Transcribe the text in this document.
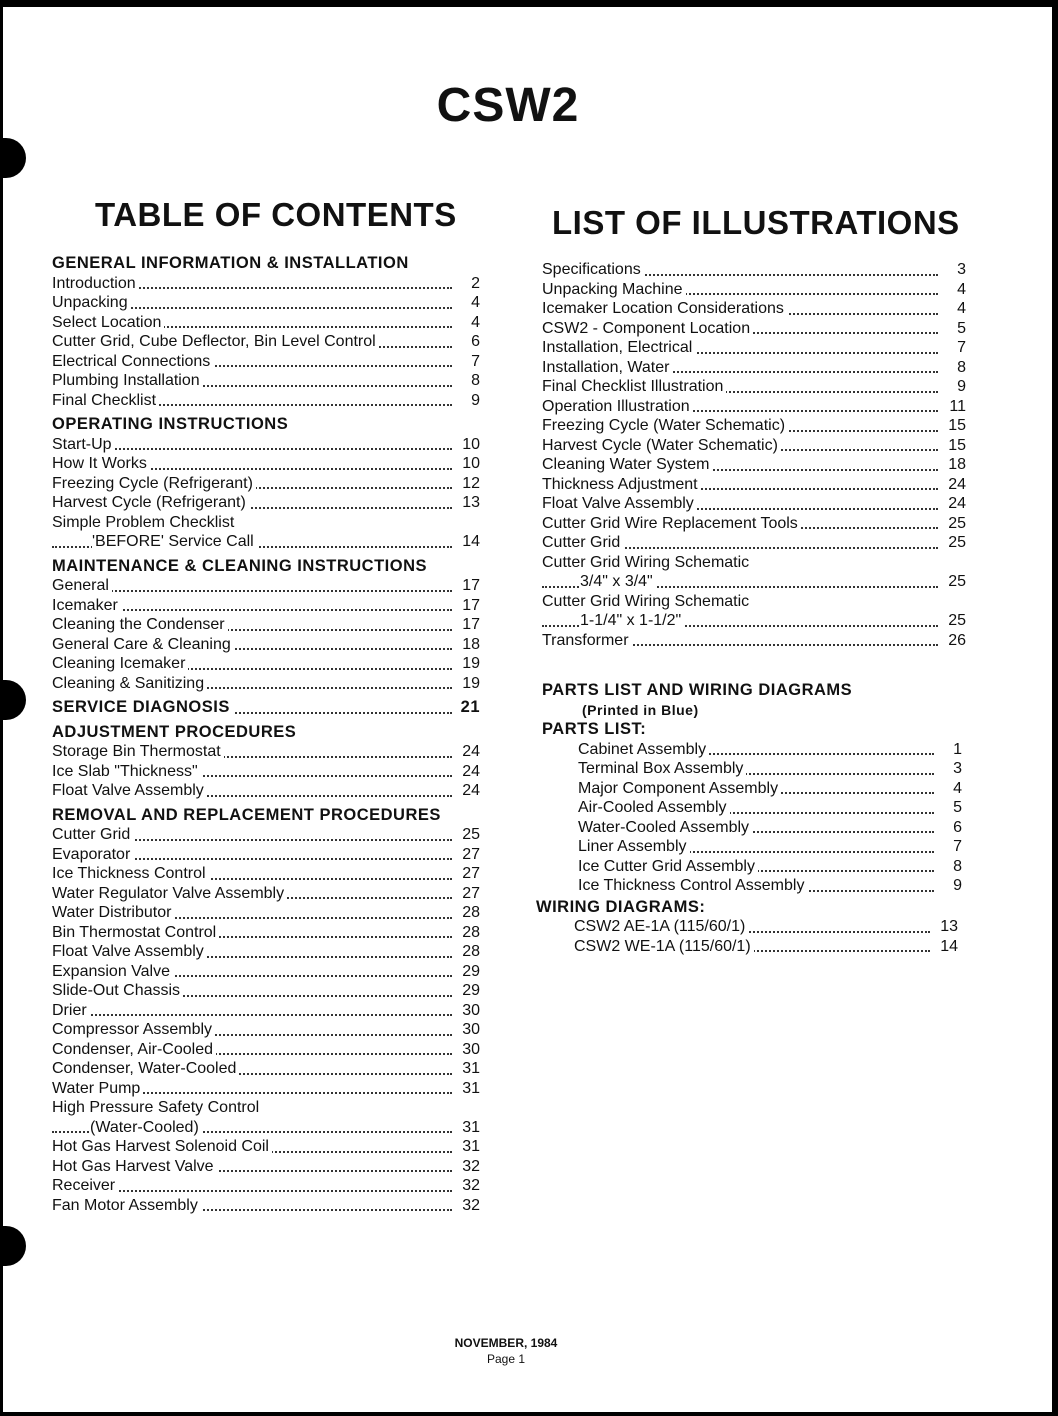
CSW2
TABLE OF CONTENTS	LIST OF ILLUSTRATIONS
GENERAL INFORMATION & INSTALLATION
Introduction	2
Unpacking	4
Select Location	4
Cutter Grid, Cube Deflector, Bin Level Control	6
Electrical Connections	7
Plumbing Installation	8
Final Checklist	9
OPERATING INSTRUCTIONS
Start-Up	10
How It Works	10
Freezing Cycle (Refrigerant)	12
Harvest Cycle (Refrigerant)	13
Simple Problem Checklist
'BEFORE' Service Call	14
MAINTENANCE & CLEANING INSTRUCTIONS
General	17
Icemaker	17
Cleaning the Condenser	17
General Care & Cleaning	18
Cleaning Icemaker	19
Cleaning & Sanitizing	19
SERVICE DIAGNOSIS	21
ADJUSTMENT PROCEDURES
Storage Bin Thermostat	24
Ice Slab "Thickness"	24
Float Valve Assembly	24
REMOVAL AND REPLACEMENT PROCEDURES
Cutter Grid	25
Evaporator	27
Ice Thickness Control	27
Water Regulator Valve Assembly	27
Water Distributor	28
Bin Thermostat Control	28
Float Valve Assembly	28
Expansion Valve	29
Slide-Out Chassis	29
Drier	30
Compressor Assembly	30
Condenser, Air-Cooled	30
Condenser, Water-Cooled	31
Water Pump	31
High Pressure Safety Control
(Water-Cooled)	31
Hot Gas Harvest Solenoid Coil	31
Hot Gas Harvest Valve	32
Receiver	32
Fan Motor Assembly	32
Specifications	3
Unpacking Machine	4
Icemaker Location Considerations	4
CSW2 - Component Location	5
Installation, Electrical	7
Installation, Water	8
Final Checklist Illustration	9
Operation Illustration	11
Freezing Cycle (Water Schematic)	15
Harvest Cycle (Water Schematic)	15
Cleaning Water System	18
Thickness Adjustment	24
Float Valve Assembly	24
Cutter Grid Wire Replacement Tools	25
Cutter Grid	25
Cutter Grid Wiring Schematic
3/4" x 3/4"	25
Cutter Grid Wiring Schematic
1-1/4" x 1-1/2"	25
Transformer	26
PARTS LIST AND WIRING DIAGRAMS
(Printed in Blue)
PARTS LIST:
Cabinet Assembly	1
Terminal Box Assembly	3
Major Component Assembly	4
Air-Cooled Assembly	5
Water-Cooled Assembly	6
Liner Assembly	7
Ice Cutter Grid Assembly	8
Ice Thickness Control Assembly	9
WIRING DIAGRAMS:
CSW2 AE-1A (115/60/1)	13
CSW2 WE-1A (115/60/1)	14
NOVEMBER, 1984
Page 1
